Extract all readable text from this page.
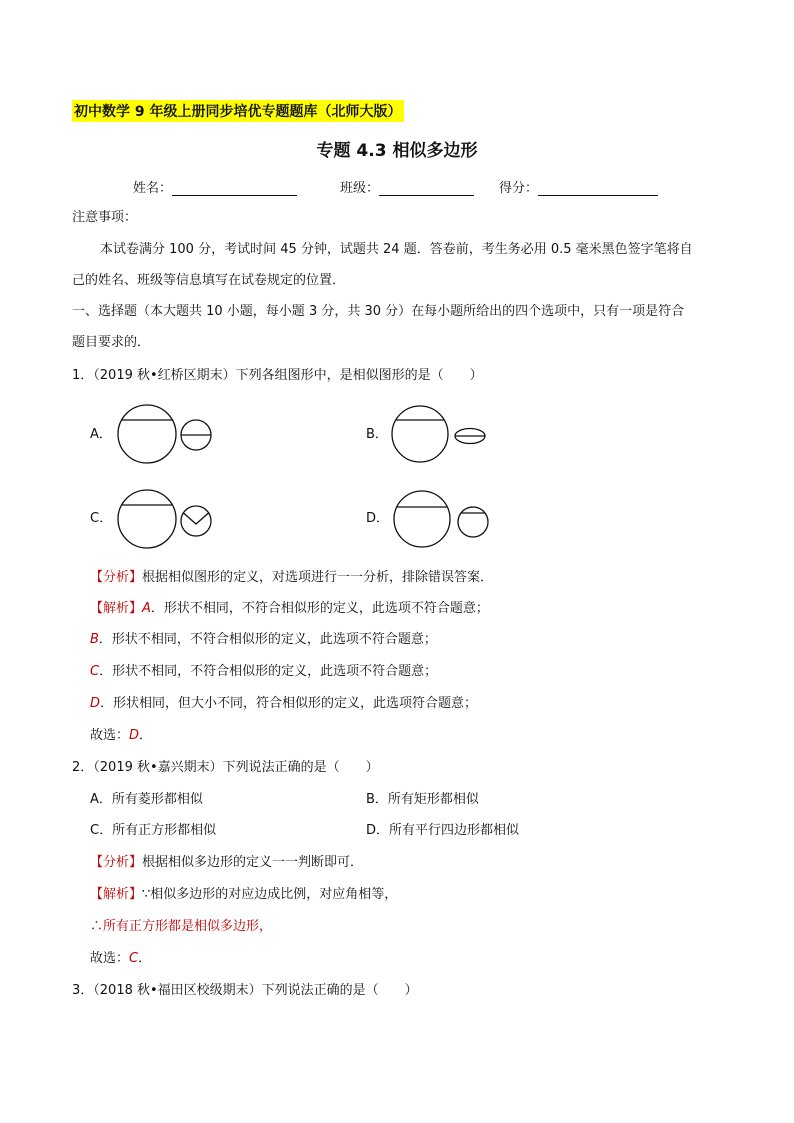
初中数学 9 年级上册同步培优专题题库（北师大版）
专题 4.3 相似多边形
姓名：	班级：	得分：
注意事项：
本试卷满分 100 分，考试时间 45 分钟，试题共 24 题．答卷前，考生务必用 0.5 毫米黑色签字笔将自
己的姓名、班级等信息填写在试卷规定的位置．
一、选择题（本大题共 10 小题，每小题 3 分，共 30 分）在每小题所给出的四个选项中，只有一项是符合
题目要求的．
1．（2019 秋•红桥区期末）下列各组图形中，是相似图形的是（　　）
A．	B．
C．	D．
【分析】根据相似图形的定义，对选项进行一一分析，排除错误答案．
【解析】A．形状不相同，不符合相似形的定义，此选项不符合题意；
B．形状不相同，不符合相似形的定义，此选项不符合题意；
C．形状不相同，不符合相似形的定义，此选项不符合题意；
D．形状相同，但大小不同，符合相似形的定义，此选项符合题意；
故选：D．
2．（2019 秋•嘉兴期末）下列说法正确的是（　　）
A．所有菱形都相似	B．所有矩形都相似
C．所有正方形都相似	D．所有平行四边形都相似
【分析】根据相似多边形的定义一一判断即可．
【解析】∵相似多边形的对应边成比例，对应角相等，
∴所有正方形都是相似多边形，
故选：C．
3．（2018 秋•福田区校级期末）下列说法正确的是（　　）
